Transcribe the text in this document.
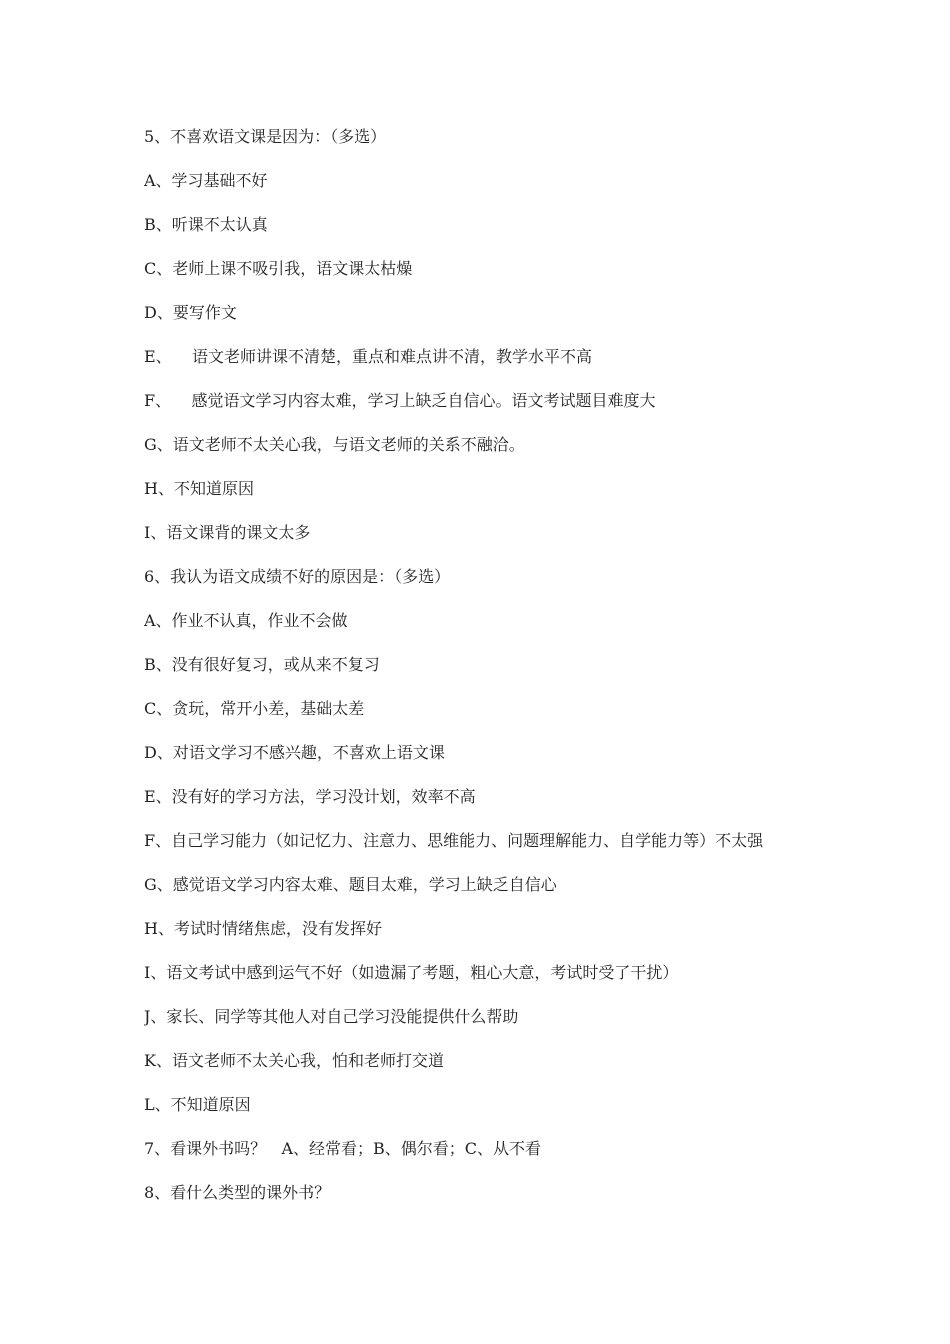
5、不喜欢语文课是因为：（多选）
A、学习基础不好
B、听课不太认真
C、老师上课不吸引我，语文课太枯燥
D、要写作文
E、    语文老师讲课不清楚，重点和难点讲不清，教学水平不高
F、    感觉语文学习内容太难，学习上缺乏自信心。语文考试题目难度大
G、语文老师不太关心我，与语文老师的关系不融洽。
H、不知道原因
I、语文课背的课文太多
6、我认为语文成绩不好的原因是：（多选）
A、作业不认真，作业不会做
B、没有很好复习，或从来不复习
C、贪玩，常开小差，基础太差
D、对语文学习不感兴趣，不喜欢上语文课
E、没有好的学习方法，学习没计划，效率不高
F、自己学习能力（如记忆力、注意力、思维能力、问题理解能力、自学能力等）不太强
G、感觉语文学习内容太难、题目太难，学习上缺乏自信心
H、考试时情绪焦虑，没有发挥好
I、语文考试中感到运气不好（如遗漏了考题，粗心大意，考试时受了干扰）
J、家长、同学等其他人对自己学习没能提供什么帮助
K、语文老师不太关心我，怕和老师打交道
L、不知道原因
7、看课外书吗？   A、经常看；B、偶尔看；C、从不看
8、看什么类型的课外书？
